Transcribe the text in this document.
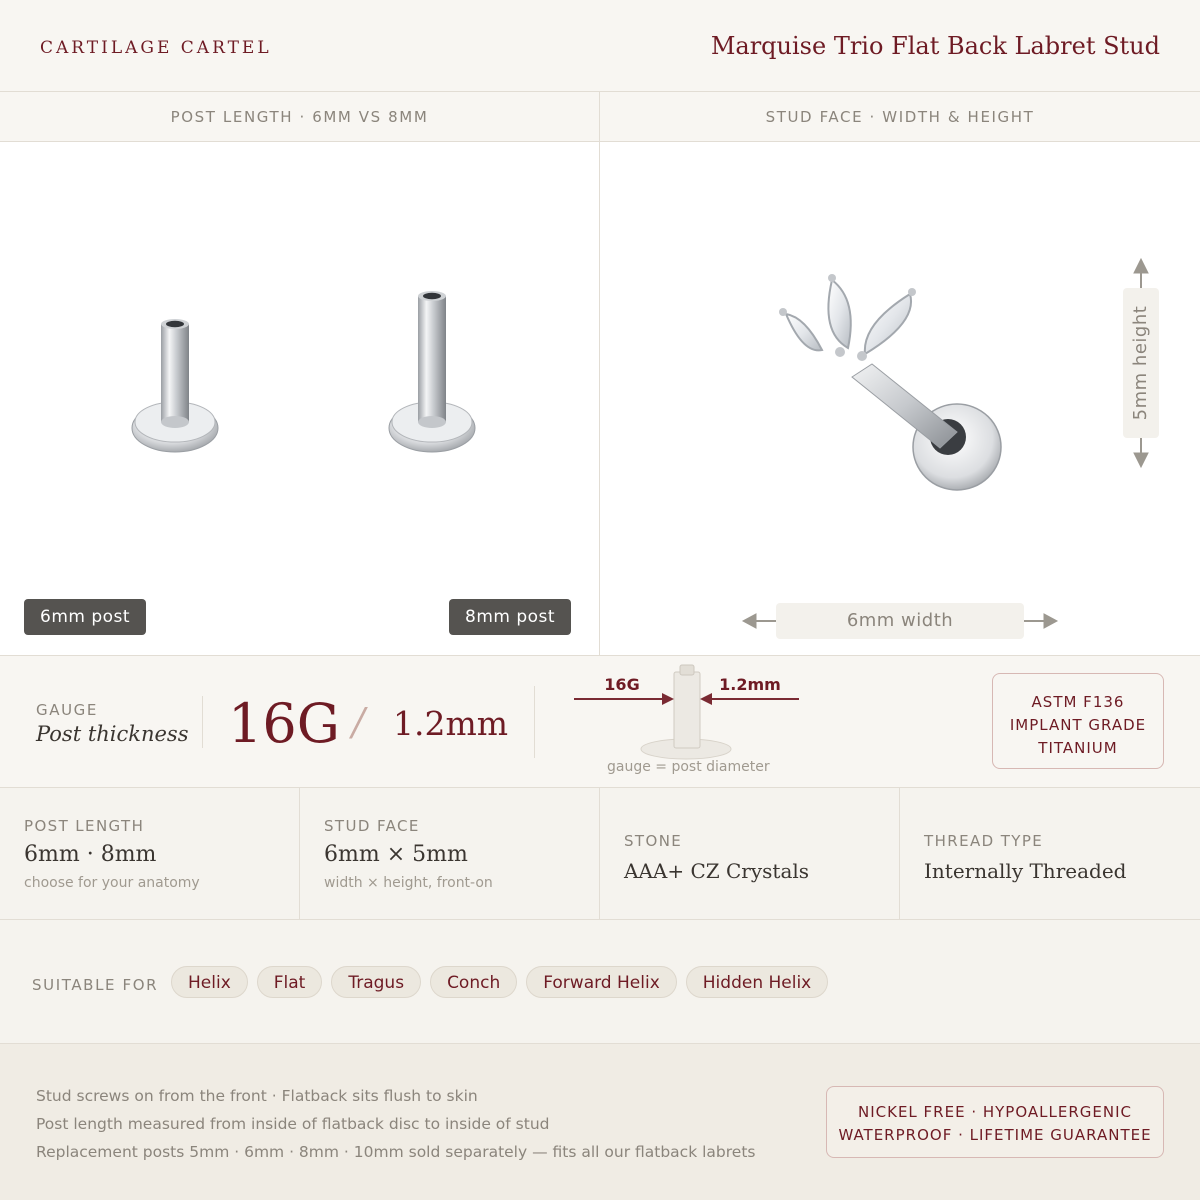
CARTILAGE CARTEL	Marquise Trio Flat Back Labret Stud
POST LENGTH · 6MM VS 8MM
6mm post	8mm post
STUD FACE · WIDTH & HEIGHT
6mm width
5mm height
GAUGE
Post thickness 16G / 1.2mm
16G	1.2mm
gauge = post diameter
ASTM F136
IMPLANT GRADE
TITANIUM
POST LENGTH
6mm · 8mm
choose for your anatomy
STUD FACE
6mm × 5mm
width × height, front-on
STONE
AAA+ CZ Crystals
THREAD TYPE
Internally Threaded
SUITABLE FOR	Helix	Flat	Tragus	Conch	Forward Helix	Hidden Helix
Stud screws on from the front · Flatback sits flush to skin
Post length measured from inside of flatback disc to inside of stud
Replacement posts 5mm · 6mm · 8mm · 10mm sold separately — fits all our flatback labrets
NICKEL FREE · HYPOALLERGENIC
WATERPROOF · LIFETIME GUARANTEE
